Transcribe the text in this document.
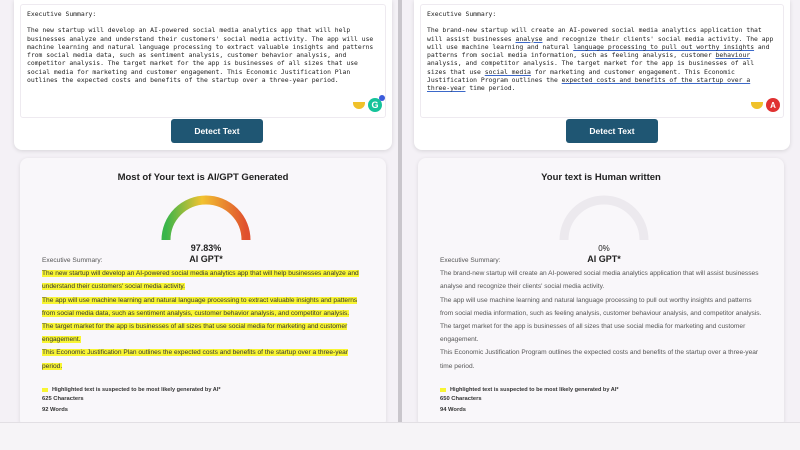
Executive Summary:
The new startup will develop an AI-powered social media analytics app that will help businesses analyze and understand their customers' social media activity. The app will use machine learning and natural language processing to extract valuable insights and patterns from social media data, such as sentiment analysis, customer behavior analysis, and competitor analysis. The target market for the app is businesses of all sizes that use social media for marketing and customer engagement. This Economic Justification Plan outlines the expected costs and benefits of the startup over a three-year period.
G
Detect Text
Most of Your text is AI/GPT Generated
97.83%
AI GPT*
Executive Summary:
The new startup will develop an AI-powered social media analytics app that will help businesses analyze and understand their customers' social media activity.
The app will use machine learning and natural language processing to extract valuable insights and patterns from social media data, such as sentiment analysis, customer behavior analysis, and competitor analysis.
The target market for the app is businesses of all sizes that use social media for marketing and customer engagement.
This Economic Justification Plan outlines the expected costs and benefits of the startup over a three-year period.
Highlighted text is suspected to be most likely generated by AI*
625 Characters
92 Words
Executive Summary:
The brand-new startup will create an AI-powered social media analytics application that will assist businesses analyse and recognize their clients' social media activity. The app will use machine learning and natural language processing to pull out worthy insights and patterns from social media information, such as feeling analysis, customer behaviour analysis, and competitor analysis. The target market for the app is businesses of all sizes that use social media for marketing and customer engagement. This Economic Justification Program outlines the expected costs and benefits of the startup over a three-year time period.
A
Detect Text
Your text is Human written
0%
AI GPT*
Executive Summary:
The brand-new startup will create an AI-powered social media analytics application that will assist businesses analyse and recognize their clients' social media activity.
The app will use machine learning and natural language processing to pull out worthy insights and patterns from social media information, such as feeling analysis, customer behaviour analysis, and competitor analysis.
The target market for the app is businesses of all sizes that use social media for marketing and customer engagement.
This Economic Justification Program outlines the expected costs and benefits of the startup over a three-year time period.
Highlighted text is suspected to be most likely generated by AI*
650 Characters
94 Words
